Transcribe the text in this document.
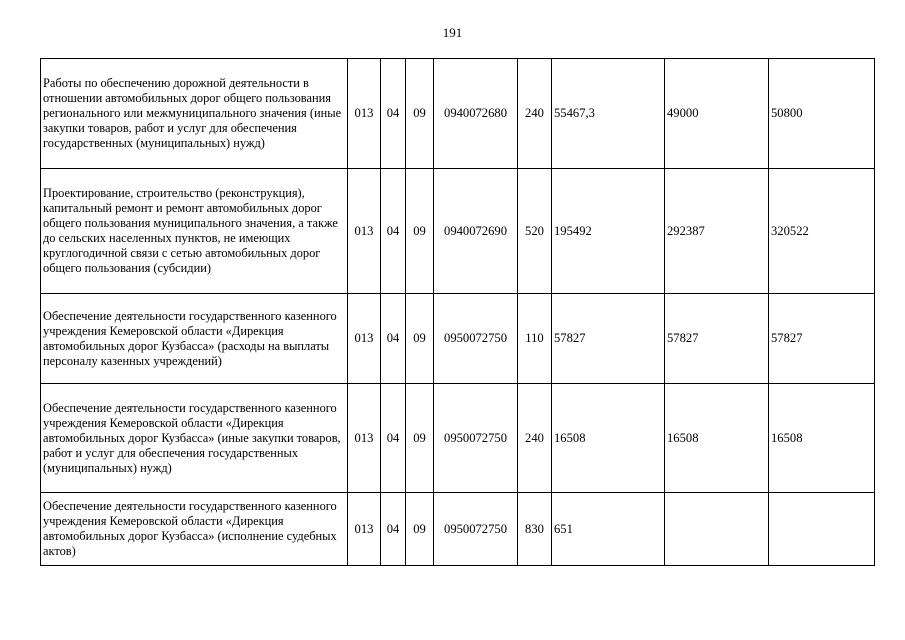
191
Работы по обеспечению дорожной деятельности в отношении автомобильных дорог общего пользования регионального или межмуниципального значения (иные закупки товаров, работ и услуг для обеспечения государственных (муниципальных) нужд)	013	04	09	0940072680	240	55467,3	49000	50800
Проектирование, строительство (реконструкция), капитальный ремонт и ремонт автомобильных дорог общего пользования муниципального значения, а также до сельских населенных пунктов, не имеющих круглогодичной связи с сетью автомобильных дорог общего пользования (субсидии)	013	04	09	0940072690	520	195492	292387	320522
Обеспечение деятельности государственного казенного учреждения Кемеровской области «Дирекция автомобильных дорог Кузбасса» (расходы на выплаты персоналу казенных учреждений)	013	04	09	0950072750	110	57827	57827	57827
Обеспечение деятельности государственного казенного учреждения Кемеровской области «Дирекция автомобильных дорог Кузбасса» (иные закупки товаров, работ и услуг для обеспечения государственных (муниципальных) нужд)	013	04	09	0950072750	240	16508	16508	16508
Обеспечение деятельности государственного казенного учреждения Кемеровской области «Дирекция автомобильных дорог Кузбасса» (исполнение судебных актов)	013	04	09	0950072750	830	651		
